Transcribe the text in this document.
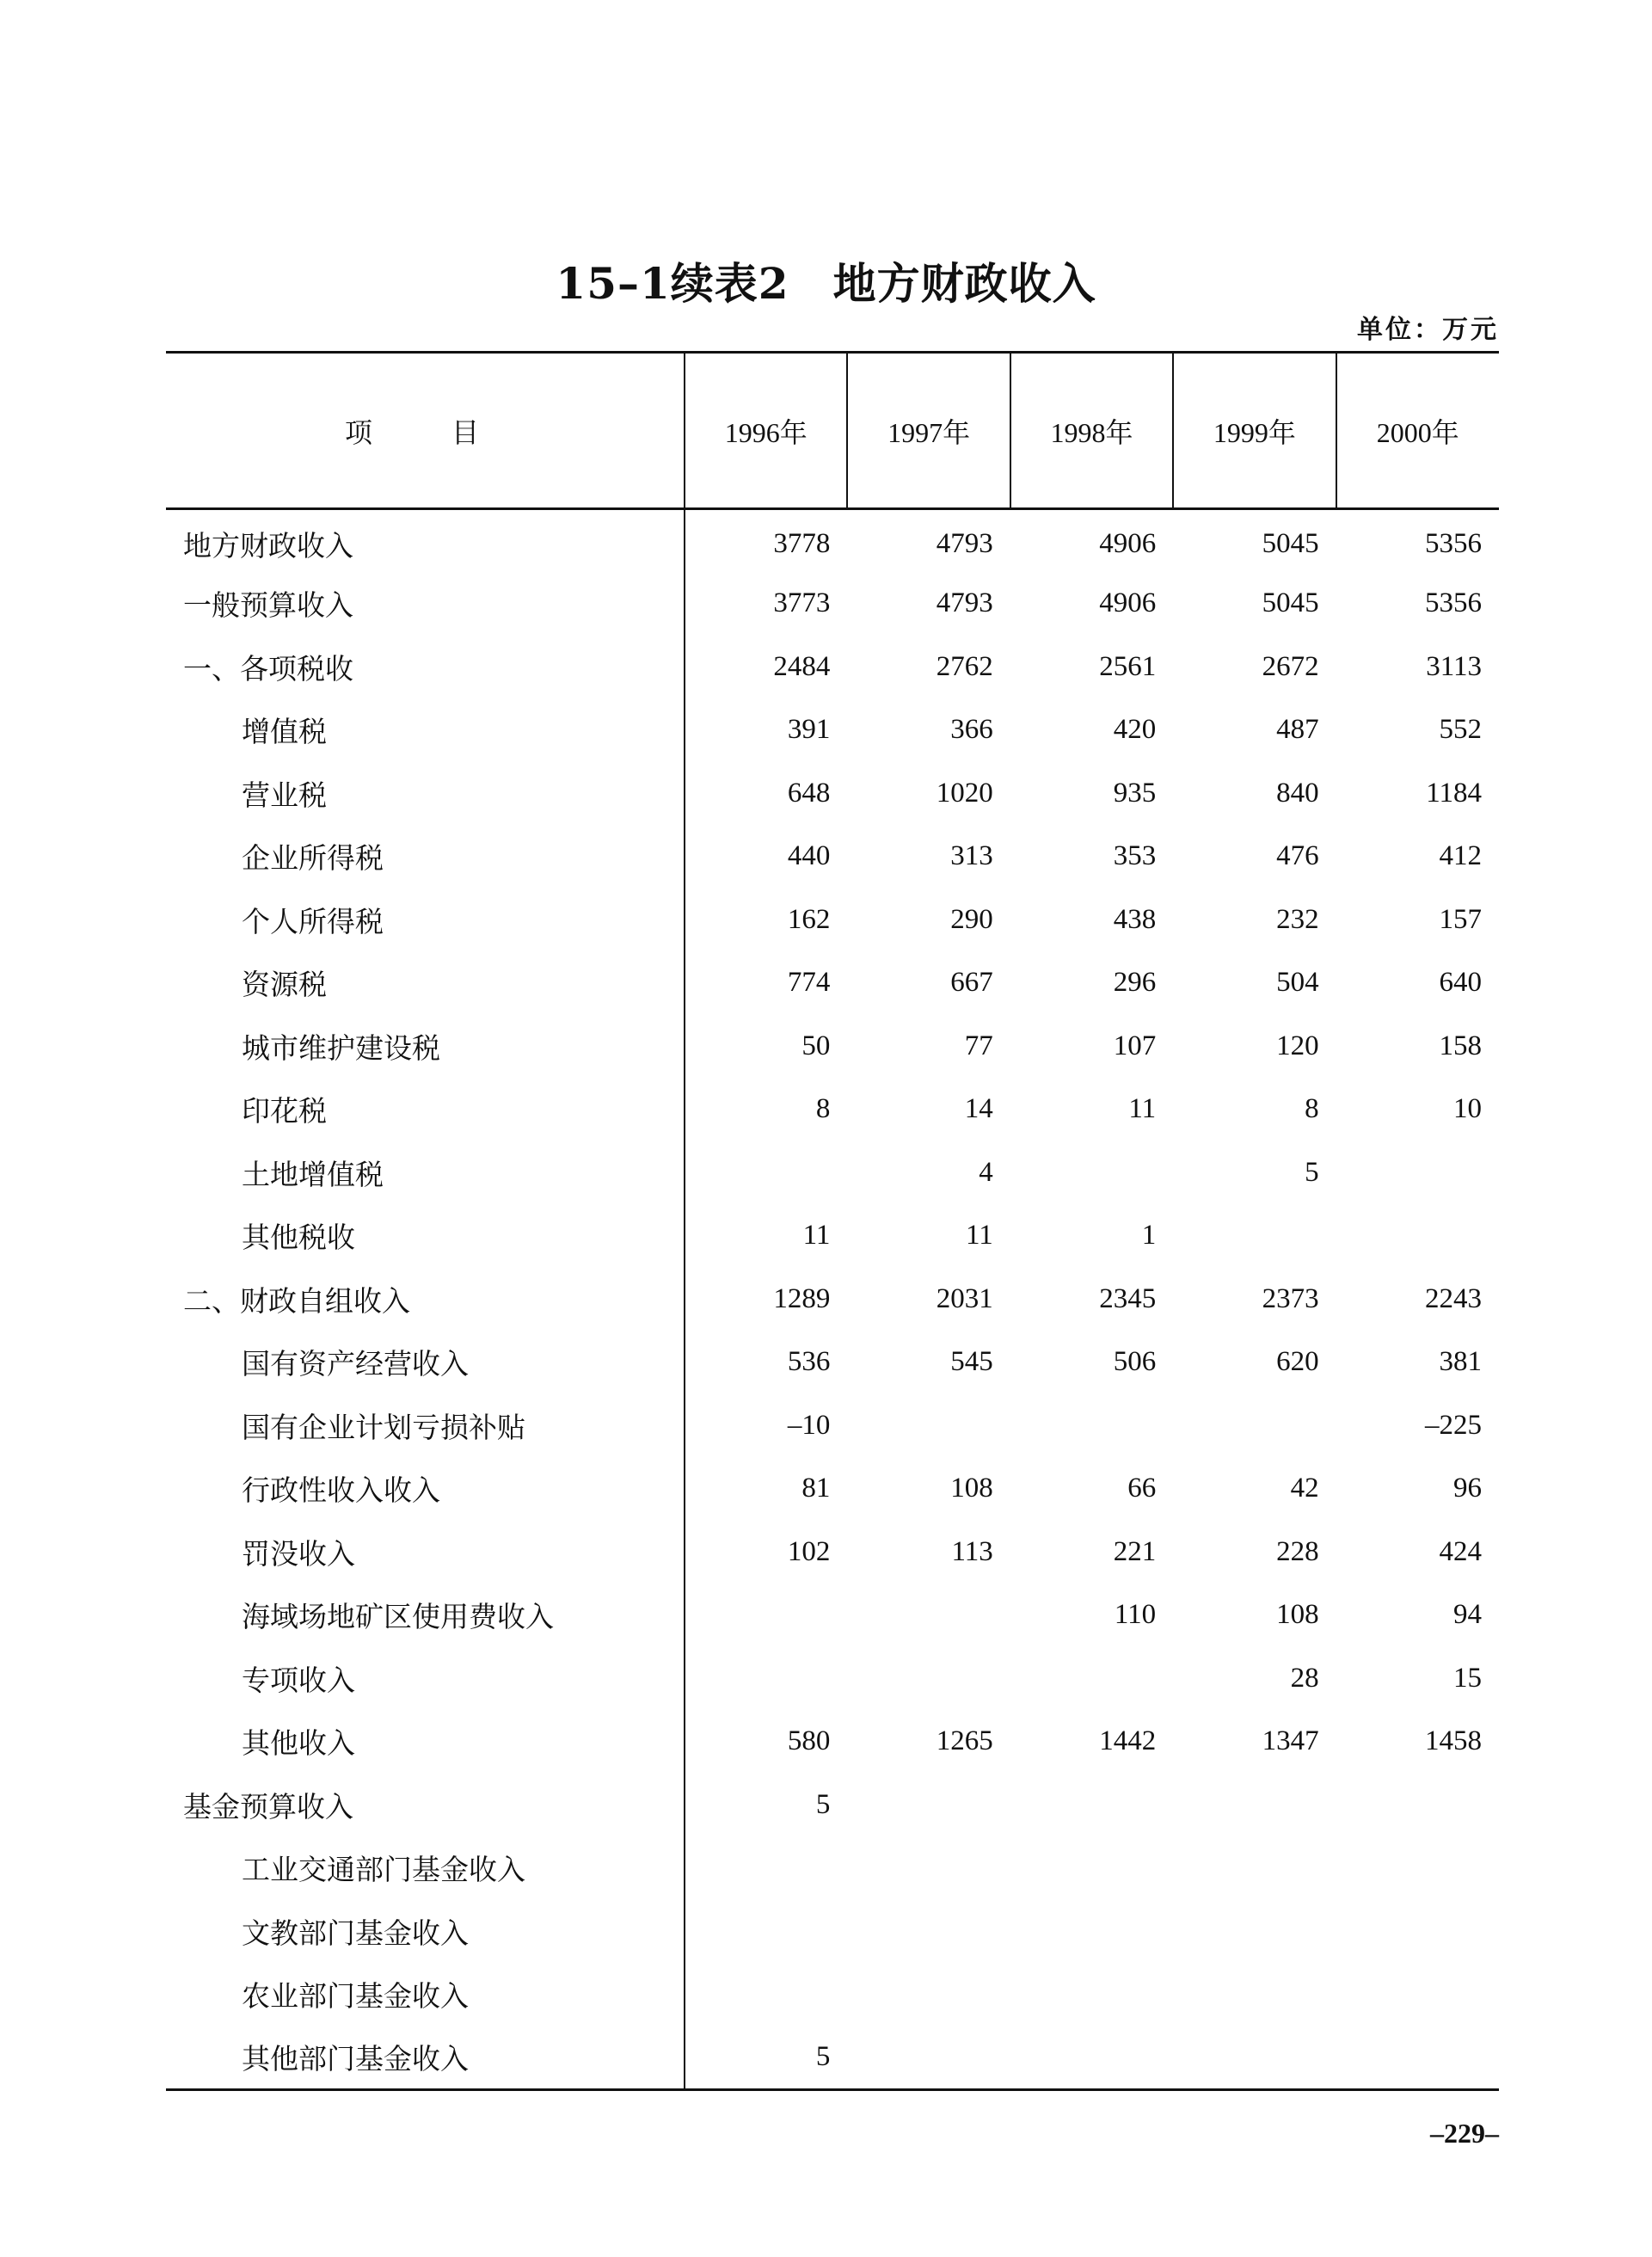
15–1续表2　地方财政收入
单位：万元
项　目	1996年	1997年	1998年	1999年	2000年
地方财政收入	3778	4793	4906	5045	5356
一般预算收入	3773	4793	4906	5045	5356
一、各项税收	2484	2762	2561	2672	3113
增值税	391	366	420	487	552
营业税	648	1020	935	840	1184
企业所得税	440	313	353	476	412
个人所得税	162	290	438	232	157
资源税	774	667	296	504	640
城市维护建设税	50	77	107	120	158
印花税	8	14	11	8	10
土地增值税		4		5	
其他税收	11	11	1		
二、财政自组收入	1289	2031	2345	2373	2243
国有资产经营收入	536	545	506	620	381
国有企业计划亏损补贴	–10				–225
行政性收入收入	81	108	66	42	96
罚没收入	102	113	221	228	424
海域场地矿区使用费收入			110	108	94
专项收入				28	15
其他收入	580	1265	1442	1347	1458
基金预算收入	5				
工业交通部门基金收入					
文教部门基金收入					
农业部门基金收入					
其他部门基金收入	5				
–229–
